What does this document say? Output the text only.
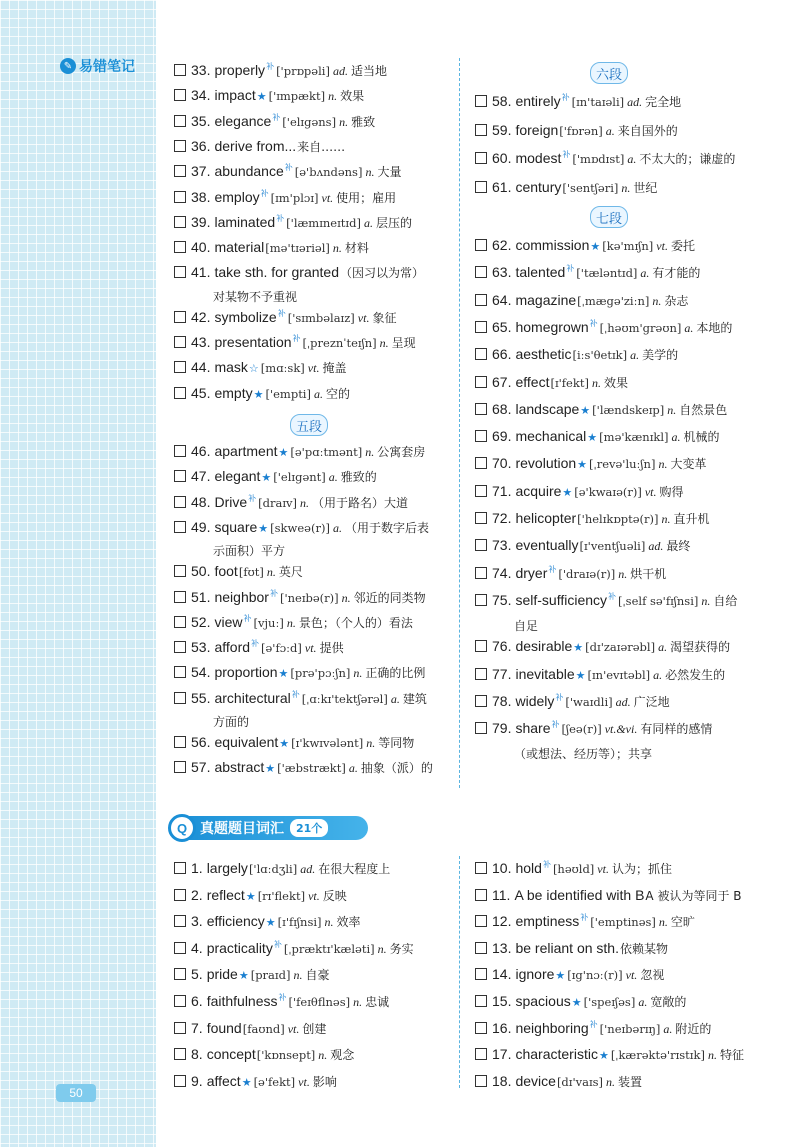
✎ 易错笔记
50
五段
六段
七段
33. properly 补 ['prɒpəli] ad. 适当地
34. impact ★ ['ɪmpækt] n. 效果
35. elegance 补 ['elɪgəns] n. 雅致
36. derive from... 来自……
37. abundance 补 [ə'bʌndəns] n. 大量
38. employ 补 [ɪm'plɔɪ] vt. 使用；雇用
39. laminated 补 ['læmɪneɪtɪd] a. 层压的
40. material [mə'tɪəriəl] n. 材料
41. take sth. for granted （因习以为常）
对某物不予重视
42. symbolize 补 ['sɪmbəlaɪz] vt. 象征
43. presentation 补 [ˌpreznˈteɪʃn] n. 呈现
44. mask ☆ [mɑːsk] vt. 掩盖
45. empty ★ ['empti] a. 空的
46. apartment ★ [ə'pɑːtmənt] n. 公寓套房
47. elegant ★ ['elɪgənt] a. 雅致的
48. Drive 补 [draɪv] n. （用于路名）大道
49. square ★ [skweə(r)] a. （用于数字后表
示面积）平方
50. foot [fʊt] n. 英尺
51. neighbor 补 ['neɪbə(r)] n. 邻近的同类物
52. view 补 [vjuː] n. 景色；（个人的）看法
53. afford 补 [ə'fɔːd] vt. 提供
54. proportion ★ [prə'pɔːʃn] n. 正确的比例
55. architectural 补 [ˌɑːkɪ'tektʃərəl] a. 建筑
方面的
56. equivalent ★ [ɪ'kwɪvələnt] n. 等同物
57. abstract ★ ['æbstrækt] a. 抽象（派）的
58. entirely 补 [ɪn'taɪəli] ad. 完全地
59. foreign ['fɒrən] a. 来自国外的
60. modest 补 ['mɒdɪst] a. 不太大的；谦虚的
61. century ['sentʃəri] n. 世纪
62. commission ★ [kə'mɪʃn] vt. 委托
63. talented 补 ['tæləntɪd] a. 有才能的
64. magazine [ˌmægə'ziːn] n. 杂志
65. homegrown 补 [ˌhəʊm'grəʊn] a. 本地的
66. aesthetic [iːs'θetɪk] a. 美学的
67. effect [ɪ'fekt] n. 效果
68. landscape ★ ['lændskeɪp] n. 自然景色
69. mechanical ★ [mə'kænɪkl] a. 机械的
70. revolution ★ [ˌrevə'luːʃn] n. 大变革
71. acquire ★ [ə'kwaɪə(r)] vt. 购得
72. helicopter ['helɪkɒptə(r)] n. 直升机
73. eventually [ɪ'ventʃuəli] ad. 最终
74. dryer 补 ['draɪə(r)] n. 烘干机
75. self-sufficiency 补 [ˌself sə'fɪʃnsi] n. 自给
自足
76. desirable ★ [dɪ'zaɪərəbl] a. 渴望获得的
77. inevitable ★ [ɪn'evɪtəbl] a. 必然发生的
78. widely 补 ['waɪdli] ad. 广泛地
79. share 补 [ʃeə(r)] vt.&vi. 有同样的感情
（或想法、经历等）；共享
Q 真题题目词汇	21个
1. largely ['lɑːdʒli] ad. 在很大程度上
2. reflect ★ [rɪ'flekt] vt. 反映
3. efficiency ★ [ɪ'fɪʃnsi] n. 效率
4. practicality 补 [ˌpræktɪ'kæləti] n. 务实
5. pride ★ [praɪd] n. 自豪
6. faithfulness 补 ['feɪθflnəs] n. 忠诚
7. found [faʊnd] vt. 创建
8. concept ['kɒnsept] n. 观念
9. affect ★ [ə'fekt] vt. 影响
10. hold 补 [həʊld] vt. 认为；抓住
11. A be identified with B A 被认为等同于 B
12. emptiness 补 ['emptinəs] n. 空旷
13. be reliant on sth. 依赖某物
14. ignore ★ [ɪg'nɔː(r)] vt. 忽视
15. spacious ★ ['speɪʃəs] a. 宽敞的
16. neighboring 补 ['neɪbərɪŋ] a. 附近的
17. characteristic ★ [ˌkærəktə'rɪstɪk] n. 特征
18. device [dɪ'vaɪs] n. 装置
